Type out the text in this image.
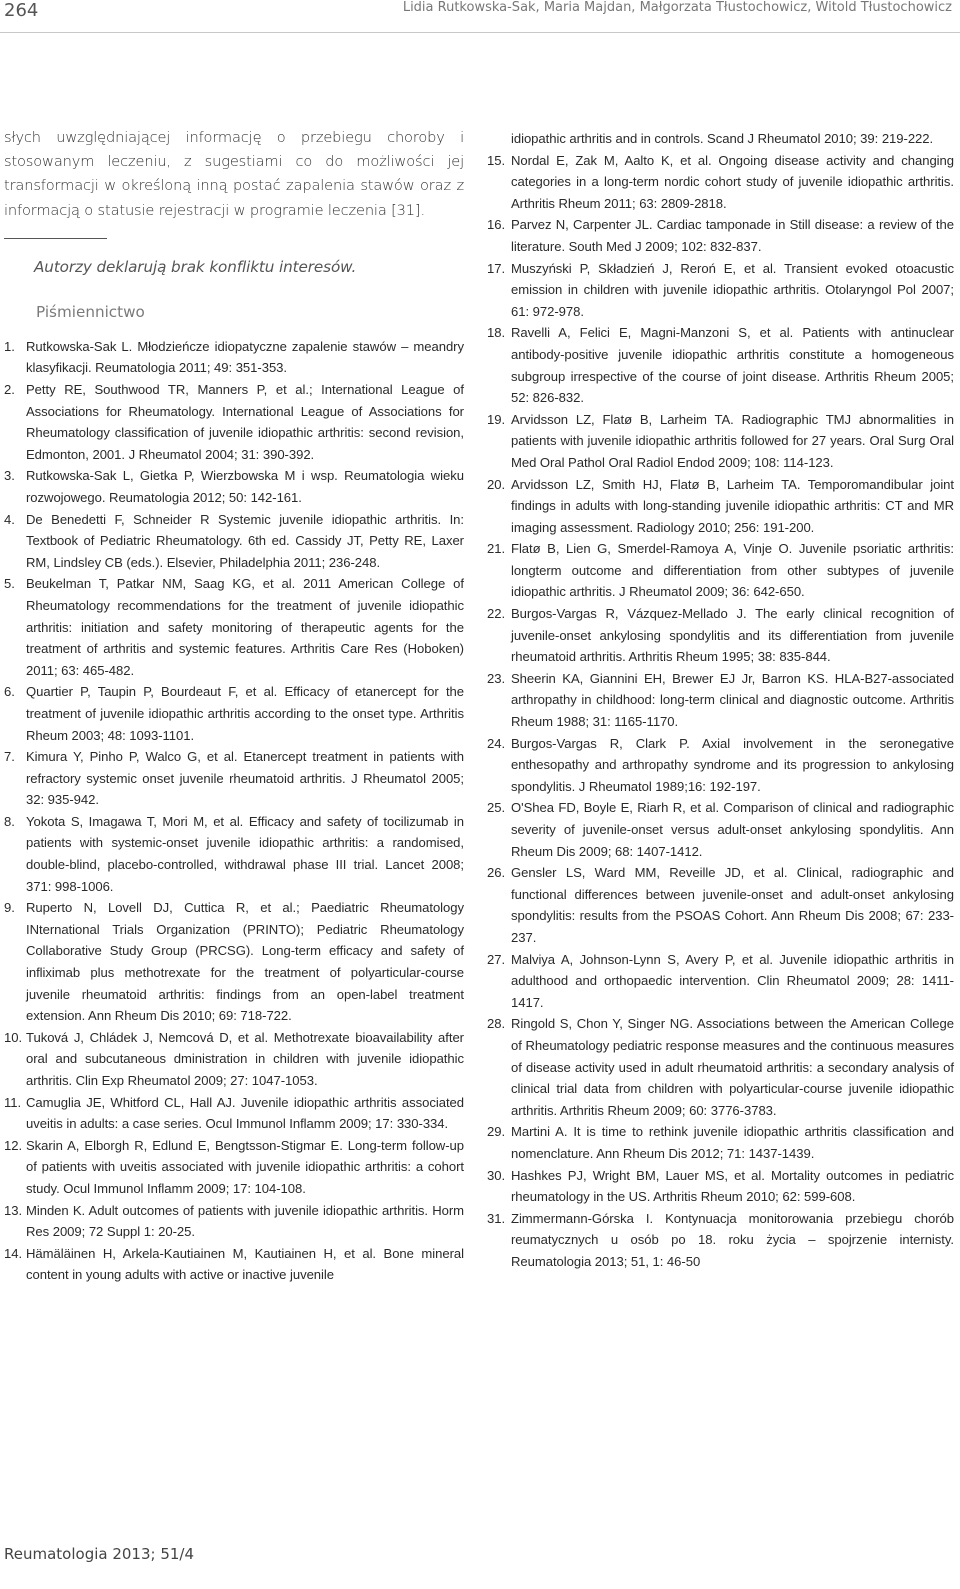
264	Lidia Rutkowska-Sak, Maria Majdan, Małgorzata Tłustochowicz, Witold Tłustochowicz

słych uwzględniającej informację o przebiegu choroby i stosowanym leczeniu, z sugestiami co do możliwości jej transformacji w określoną inną postać zapalenia stawów oraz z informacją o statusie rejestracji w programie leczenia [31].

Autorzy deklarują brak konfliktu interesów.
Piśmiennictwo
1. Rutkowska-Sak L. Młodzieńcze idiopatyczne zapalenie stawów – meandry klasyfikacji. Reumatologia 2011; 49: 351-353.
2. Petty RE, Southwood TR, Manners P, et al.; International League of Associations for Rheumatology. International League of Associations for Rheumatology classification of juvenile idiopathic arthritis: second revision, Edmonton, 2001. J Rheumatol 2004; 31: 390-392.
3. Rutkowska-Sak L, Gietka P, Wierzbowska M i wsp. Reumatologia wieku rozwojowego. Reumatologia 2012; 50: 142-161.
4. De Benedetti F, Schneider R Systemic juvenile idiopathic arthritis. In: Textbook of Pediatric Rheumatology. 6th ed. Cassidy JT, Petty RE, Laxer RM, Lindsley CB (eds.). Elsevier, Philadelphia 2011; 236-248.
5. Beukelman T, Patkar NM, Saag KG, et al. 2011 American College of Rheumatology recommendations for the treatment of juvenile idiopathic arthritis: initiation and safety monitoring of therapeutic agents for the treatment of arthritis and systemic features. Arthritis Care Res (Hoboken) 2011; 63: 465-482.
6. Quartier P, Taupin P, Bourdeaut F, et al. Efficacy of etanercept for the treatment of juvenile idiopathic arthritis according to the onset type. Arthritis Rheum 2003; 48: 1093-1101.
7. Kimura Y, Pinho P, Walco G, et al. Etanercept treatment in patients with refractory systemic onset juvenile rheumatoid arthritis. J Rheumatol 2005; 32: 935-942.
8. Yokota S, Imagawa T, Mori M, et al. Efficacy and safety of tocilizumab in patients with systemic-onset juvenile idiopathic arthritis: a randomised, double-blind, placebo-controlled, withdrawal phase III trial. Lancet 2008; 371: 998-1006.
9. Ruperto N, Lovell DJ, Cuttica R, et al.; Paediatric Rheumatology INternational Trials Organization (PRINTO); Pediatric Rheumatology Collaborative Study Group (PRCSG). Long-term efficacy and safety of infliximab plus methotrexate for the treatment of polyarticular-course juvenile rheumatoid arthritis: findings from an open-label treatment extension. Ann Rheum Dis 2010; 69: 718-722.
10. Tuková J, Chládek J, Nemcová D, et al. Methotrexate bioavailability after oral and subcutaneous dministration in children with juvenile idiopathic arthritis. Clin Exp Rheumatol 2009; 27: 1047-1053.
11. Camuglia JE, Whitford CL, Hall AJ. Juvenile idiopathic arthritis associated uveitis in adults: a case series. Ocul Immunol Inflamm 2009; 17: 330-334.
12. Skarin A, Elborgh R, Edlund E, Bengtsson-Stigmar E. Long-term follow-up of patients with uveitis associated with juvenile idiopathic arthritis: a cohort study. Ocul Immunol Inflamm 2009; 17: 104-108.
13. Minden K. Adult outcomes of patients with juvenile idiopathic arthritis. Horm Res 2009; 72 Suppl 1: 20-25.
14. Hämäläinen H, Arkela-Kautiainen M, Kautiainen H, et al. Bone mineral content in young adults with active or inactive juvenile
idiopathic arthritis and in controls. Scand J Rheumatol 2010; 39: 219-222.
15. Nordal E, Zak M, Aalto K, et al. Ongoing disease activity and changing categories in a long-term nordic cohort study of juvenile idiopathic arthritis. Arthritis Rheum 2011; 63: 2809-2818.
16. Parvez N, Carpenter JL. Cardiac tamponade in Still disease: a review of the literature. South Med J 2009; 102: 832-837.
17. Muszyński P, Składzień J, Reroń E, et al. Transient evoked otoacustic emission in children with juvenile idiopathic arthritis. Otolaryngol Pol 2007; 61: 972-978.
18. Ravelli A, Felici E, Magni-Manzoni S, et al. Patients with antinuclear antibody-positive juvenile idiopathic arthritis constitute a homogeneous subgroup irrespective of the course of joint disease. Arthritis Rheum 2005; 52: 826-832.
19. Arvidsson LZ, Flatø B, Larheim TA. Radiographic TMJ abnormalities in patients with juvenile idiopathic arthritis followed for 27 years. Oral Surg Oral Med Oral Pathol Oral Radiol Endod 2009; 108: 114-123.
20. Arvidsson LZ, Smith HJ, Flatø B, Larheim TA. Temporomandibular joint findings in adults with long-standing juvenile idiopathic arthritis: CT and MR imaging assessment. Radiology 2010; 256: 191-200.
21. Flatø B, Lien G, Smerdel-Ramoya A, Vinje O. Juvenile psoriatic arthritis: longterm outcome and differentiation from other subtypes of juvenile idiopathic arthritis. J Rheumatol 2009; 36: 642-650.
22. Burgos-Vargas R, Vázquez-Mellado J. The early clinical recognition of juvenile-onset ankylosing spondylitis and its differentiation from juvenile rheumatoid arthritis. Arthritis Rheum 1995; 38: 835-844.
23. Sheerin KA, Giannini EH, Brewer EJ Jr, Barron KS. HLA-B27-associated arthropathy in childhood: long-term clinical and diagnostic outcome. Arthritis Rheum 1988; 31: 1165-1170.
24. Burgos-Vargas R, Clark P. Axial involvement in the seronegative enthesopathy and arthropathy syndrome and its progression to ankylosing spondylitis. J Rheumatol 1989;16: 192-197.
25. O'Shea FD, Boyle E, Riarh R, et al. Comparison of clinical and radiographic severity of juvenile-onset versus adult-onset ankylosing spondylitis. Ann Rheum Dis 2009; 68: 1407-1412.
26. Gensler LS, Ward MM, Reveille JD, et al. Clinical, radiographic and functional differences between juvenile-onset and adult-onset ankylosing spondylitis: results from the PSOAS Cohort. Ann Rheum Dis 2008; 67: 233-237.
27. Malviya A, Johnson-Lynn S, Avery P, et al. Juvenile idiopathic arthritis in adulthood and orthopaedic intervention. Clin Rheumatol 2009; 28: 1411-1417.
28. Ringold S, Chon Y, Singer NG. Associations between the American College of Rheumatology pediatric response measures and the continuous measures of disease activity used in adult rheumatoid arthritis: a secondary analysis of clinical trial data from children with polyarticular-course juvenile idiopathic arthritis. Arthritis Rheum 2009; 60: 3776-3783.
29. Martini A. It is time to rethink juvenile idiopathic arthritis classification and nomenclature. Ann Rheum Dis 2012; 71: 1437-1439.
30. Hashkes PJ, Wright BM, Lauer MS, et al. Mortality outcomes in pediatric rheumatology in the US. Arthritis Rheum 2010; 62: 599-608.
31. Zimmermann-Górska I. Kontynuacja monitorowania przebiegu chorób reumatycznych u osób po 18. roku życia – spojrzenie internisty. Reumatologia 2013; 51, 1: 46-50
Reumatologia 2013; 51/4
